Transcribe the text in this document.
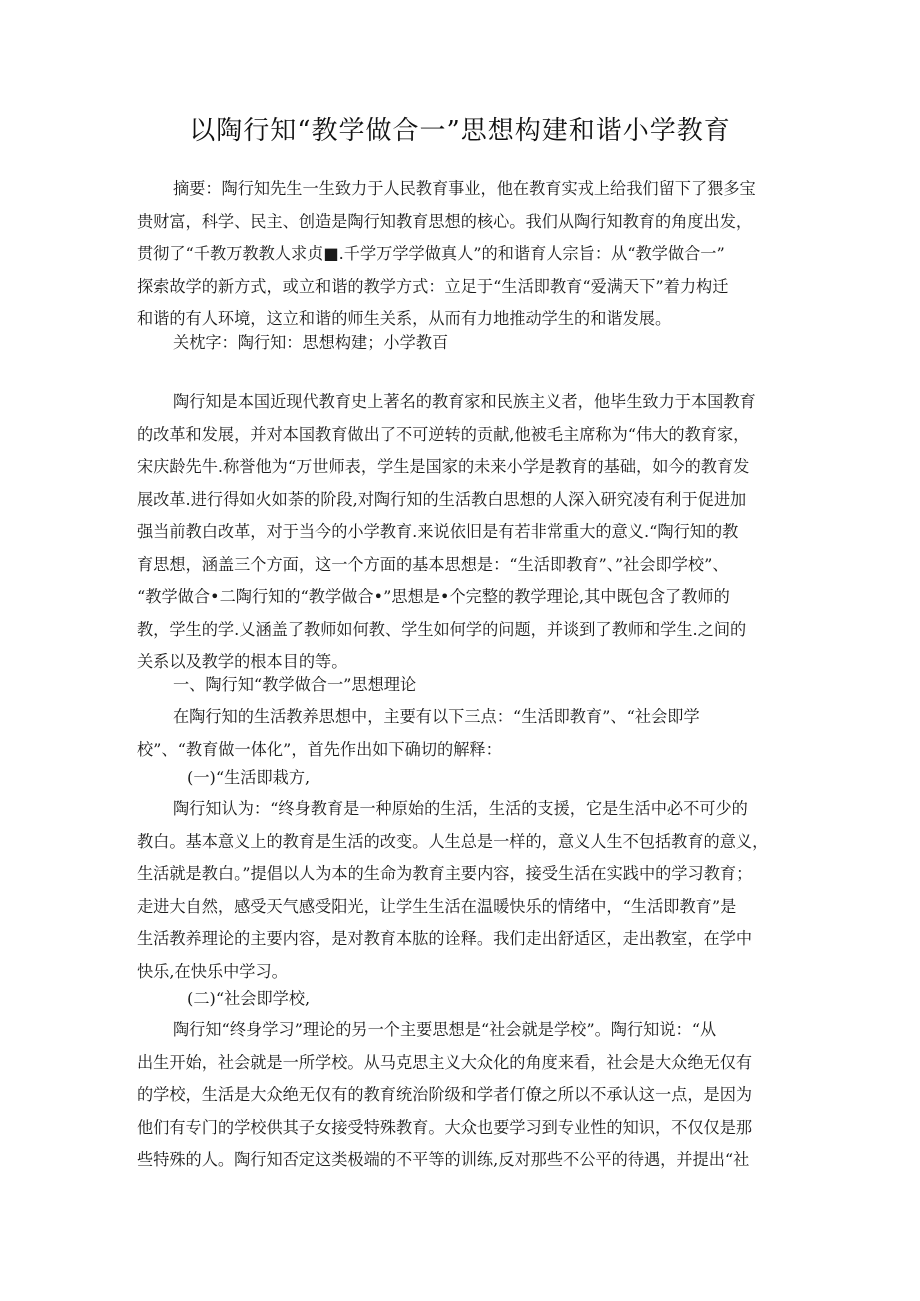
以陶行知“教学做合一”思想构建和谐小学教育
摘要：陶行知先生一生致力于人民教育事业，他在教育实戎上给我们留下了猥多宝
贵财富，科学、民主、创造是陶行知教育思想的核心。我们从陶行知教育的角度出发，
贯彻了“千教万教教人求贞■.千学万学学做真人”的和谐育人宗旨：从“教学做合一”
探索故学的新方式，或立和谐的教学方式：立足于“生活即教育“爱满天下”着力构迁
和谐的有人环境，这立和谐的师生关系，从而有力地推动学生的和谐发展。
关枕字：陶行知：思想构建；小学教百
陶行知是本国近现代教育史上著名的教育家和民族主义者，他毕生致力于本国教育
的改革和发展，并对本国教育做出了不可逆转的贡献,他被毛主席称为“伟大的教育家，
宋庆龄先牛.称誉他为“万世师表，学生是国家的未来小学是教育的基础，如今的教育发
展改革.进行得如火如荼的阶段,对陶行知的生活教白思想的人深入研究凌有利于促进加
强当前教白改革，对于当今的小学教育.来说依旧是有若非常重大的意义.“陶行知的教
育思想，涵盖三个方面，这一个方面的基本思想是：“生活即教育”、”社会即学校”、
“教学做合•二陶行知的“教学做合•”思想是•个完整的教学理论,其中既包含了教师的
教，学生的学.乂涵盖了教师如何教、学生如何学的问题，并谈到了教师和学生.之间的
关系以及教学的根本目的等。
一、陶行知“教学做合一”思想理论
在陶行知的生活教养思想中，主要有以下三点：“生活即教育”、“社会即学
校”、“教育做一体化”，首先作出如下确切的解释：
(一)“生活即栽方,
陶行知认为：“终身教育是一种原始的生活，生活的支援，它是生活中必不可少的
教白。基本意义上的教育是生活的改变。人生总是一样的，意义人生不包括教育的意义，
生活就是教白。”提倡以人为本的生命为教育主要内容，接受生活在实践中的学习教育；
走进大自然，感受天气感受阳光，让学生生活在温暖快乐的情绪中，“生活即教育”是
生活教养理论的主要内容，是对教育本肱的诠释。我们走出舒适区，走出教室，在学中
快乐,在快乐中学习。
(二)“社会即学校,
陶行知“终身学习”理论的另一个主要思想是“社会就是学校”。陶行知说：“从
出生开始，社会就是一所学校。从马克思主义大众化的角度来看，社会是大众绝无仅有
的学校，生活是大众绝无仅有的教育统治阶级和学者仃僚之所以不承认这一点，是因为
他们有专门的学校供其子女接受特殊教育。大众也要学习到专业性的知识，不仅仅是那
些特殊的人。陶行知否定这类极端的不平等的训练,反对那些不公平的待遇，并提出“社
